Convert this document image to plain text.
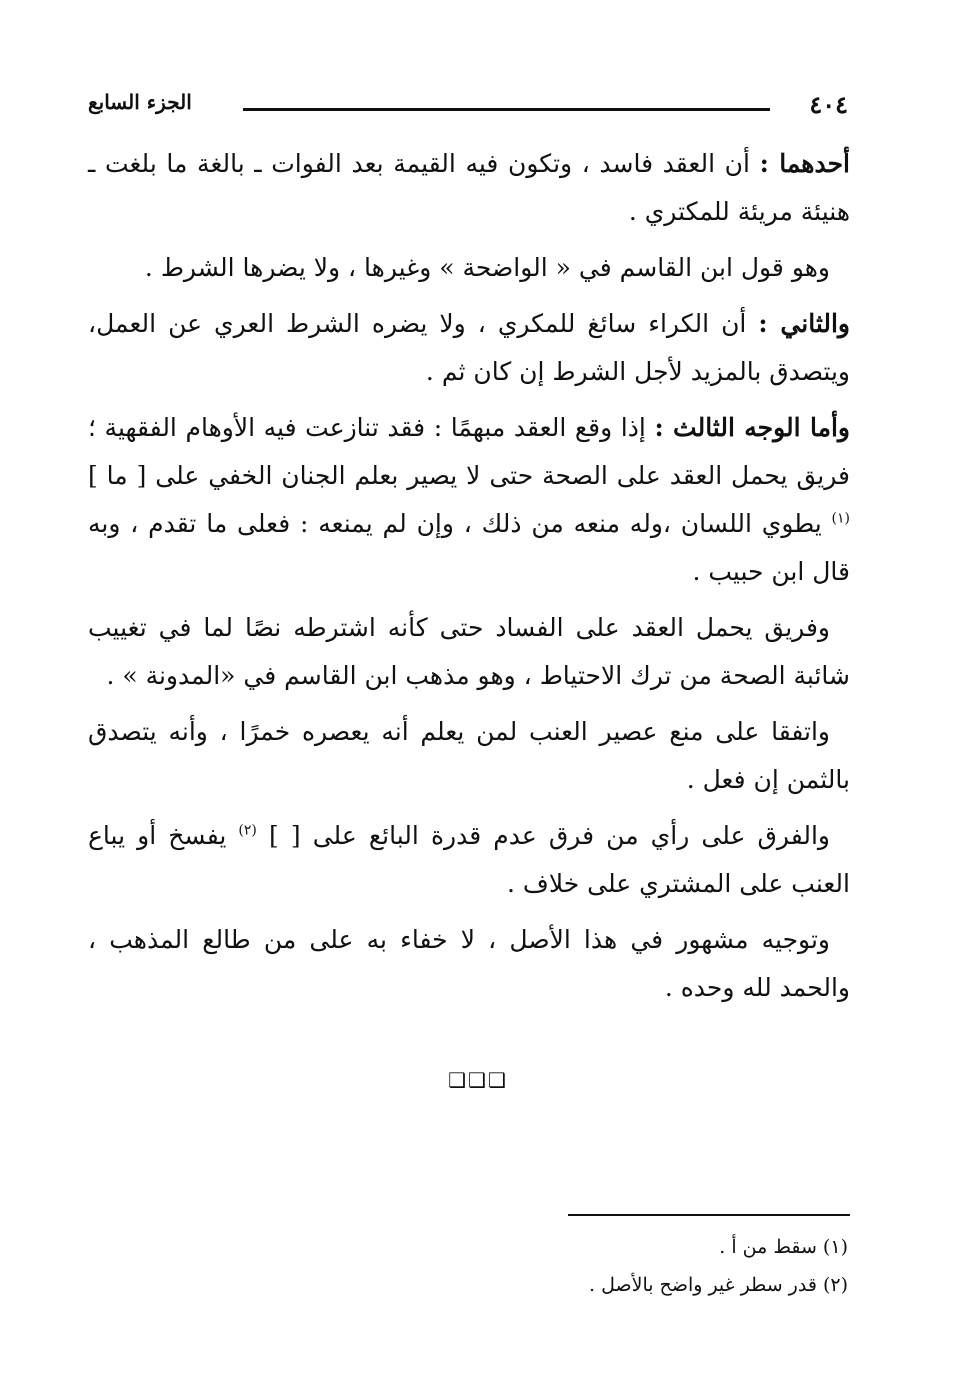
٤٠٤
الجزء السابع

أحدهما : أن العقد فاسد ، وتكون فيه القيمة بعد الفوات ـ بالغة ما بلغت ـ هنيئة مريئة للمكتري .

وهو قول ابن القاسم في « الواضحة » وغيرها ، ولا يضرها الشرط .

والثاني : أن الكراء سائغ للمكري ، ولا يضره الشرط العري عن العمل، ويتصدق بالمزيد لأجل الشرط إن كان ثم .

وأما الوجه الثالث : إذا وقع العقد مبهمًا : فقد تنازعت فيه الأوهام الفقهية ؛ فريق يحمل العقد على الصحة حتى لا يصير بعلم الجنان الخفي على [ ما ] $^{(١)}$ يطوي اللسان ،وله منعه من ذلك ، وإن لم يمنعه : فعلى ما تقدم ، وبه قال ابن حبيب .

وفريق يحمل العقد على الفساد حتى كأنه اشترطه نصًا لما في تغييب شائبة الصحة من ترك الاحتياط ، وهو مذهب ابن القاسم في «المدونة » .

واتفقا على منع عصير العنب لمن يعلم أنه يعصره خمرًا ، وأنه يتصدق بالثمن إن فعل .

والفرق على رأي من فرق عدم قدرة البائع على [ ] $^{(٢)}$ يفسخ أو يباع العنب على المشتري على خلاف .

وتوجيه مشهور في هذا الأصل ، لا خفاء به على من طالع المذهب ، والحمد لله وحده .

❑❑❑

(١) سقط من أ .

(٢) قدر سطر غير واضح بالأصل .
